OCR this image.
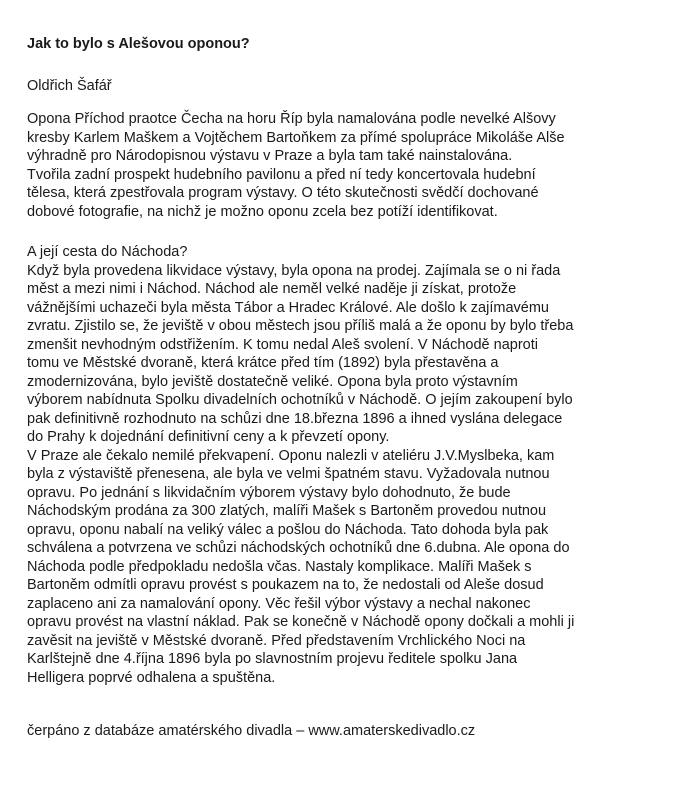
Jak to bylo s Alešovou oponou?
Oldřich Šafář
Opona Příchod praotce Čecha na horu Říp byla namalována podle nevelké Alšovy
kresby Karlem Maškem a Vojtěchem Bartoňkem za přímé spolupráce Mikoláše Alše
výhradně pro Národopisnou výstavu v Praze a byla tam také nainstalována.
Tvořila zadní prospekt hudebního pavilonu a před ní tedy koncertovala hudební
tělesa, která zpestřovala program výstavy. O této skutečnosti svědčí dochované
dobové fotografie, na nichž je možno oponu zcela bez potíží identifikovat.
A její cesta do Náchoda?
Když byla provedena likvidace výstavy, byla opona na prodej. Zajímala se o ni řada
měst a mezi nimi i Náchod. Náchod ale neměl velké naděje ji získat, protože
vážnějšími uchazeči byla města Tábor a Hradec Králové. Ale došlo k zajímavému
zvratu. Zjistilo se, že jeviště v obou městech jsou příliš malá a že oponu by bylo třeba
zmenšit nevhodným odstřižením. K tomu nedal Aleš svolení. V Náchodě naproti
tomu ve Městské dvoraně, která krátce před tím (1892) byla přestavěna a
zmodernizována, bylo jeviště dostatečně veliké. Opona byla proto výstavním
výborem nabídnuta Spolku divadelních ochotníků v Náchodě. O jejím zakoupení bylo
pak definitivně rozhodnuto na schůzi dne 18.března 1896 a ihned vyslána delegace
do Prahy k dojednání definitivní ceny a k převzetí opony.
V Praze ale čekalo nemilé překvapení. Oponu nalezli v ateliéru J.V.Myslbeka, kam
byla z výstaviště přenesena, ale byla ve velmi špatném stavu. Vyžadovala nutnou
opravu. Po jednání s likvidačním výborem výstavy bylo dohodnuto, že bude
Náchodským prodána za 300 zlatých, malíři Mašek s Bartoněm provedou nutnou
opravu, oponu nabalí na veliký válec a pošlou do Náchoda. Tato dohoda byla pak
schválena a potvrzena ve schůzi náchodských ochotníků dne 6.dubna. Ale opona do
Náchoda podle předpokladu nedošla včas. Nastaly komplikace. Malíři Mašek s
Bartoněm odmítli opravu provést s poukazem na to, že nedostali od Aleše dosud
zaplaceno ani za namalování opony. Věc řešil výbor výstavy a nechal nakonec
opravu provést na vlastní náklad. Pak se konečně v Náchodě opony dočkali a mohli ji
zavěsit na jeviště v Městské dvoraně. Před představením Vrchlického Noci na
Karlštejně dne 4.října 1896 byla po slavnostním projevu ředitele spolku Jana
Helligera poprvé odhalena a spuštěna.
čerpáno z databáze amatérského divadla – www.amaterskedivadlo.cz
